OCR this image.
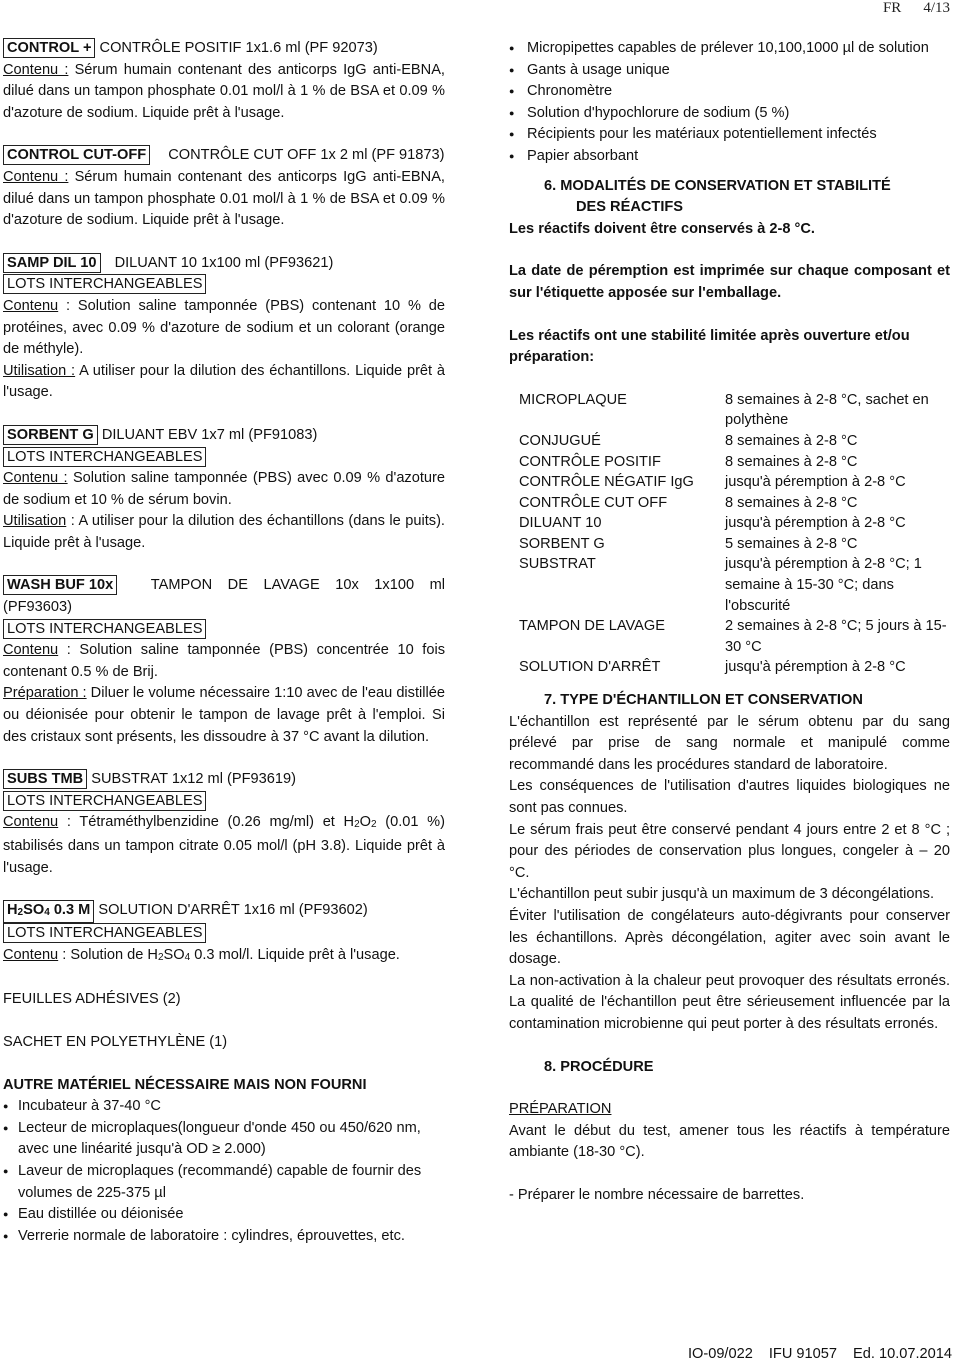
FR 4/13

CONTROL + CONTRÔLE POSITIF 1x1.6 ml (PF 92073)
Contenu : Sérum humain contenant des anticorps IgG anti-EBNA, dilué dans un tampon phosphate 0.01 mol/l à 1 % de BSA et 0.09 % d'azoture de sodium. Liquide prêt à l'usage.

CONTROL CUT-OFF CONTRÔLE CUT OFF 1x 2 ml (PF 91873)
Contenu : Sérum humain contenant des anticorps IgG anti-EBNA, dilué dans un tampon phosphate 0.01 mol/l à 1 % de BSA et 0.09 % d'azoture de sodium. Liquide prêt à l'usage.

SAMP DIL 10 DILUANT 10 1x100 ml (PF93621)
LOTS INTERCHANGEABLES
Contenu : Solution saline tamponnée (PBS) contenant 10 % de protéines, avec 0.09 % d'azoture de sodium et un colorant (orange de méthyle).
Utilisation : A utiliser pour la dilution des échantillons. Liquide prêt à l'usage.

SORBENT G DILUANT EBV 1x7 ml (PF91083)
LOTS INTERCHANGEABLES
Contenu : Solution saline tamponnée (PBS) avec 0.09 % d'azoture de sodium et 10 % de sérum bovin.
Utilisation : A utiliser pour la dilution des échantillons (dans le puits). Liquide prêt à l'usage.

WASH BUF 10x	TAMPON DE LAVAGE 10x 1x100 ml (PF93603)
LOTS INTERCHANGEABLES
Contenu : Solution saline tamponnée (PBS) concentrée 10 fois contenant 0.5 % de Brij.
Préparation : Diluer le volume nécessaire 1:10 avec de l'eau distillée ou déionisée pour obtenir le tampon de lavage prêt à l'emploi. Si des cristaux sont présents, les dissoudre à 37 °C avant la dilution.

SUBS TMB SUBSTRAT 1x12 ml (PF93619)
LOTS INTERCHANGEABLES
Contenu : Tétraméthylbenzidine (0.26 mg/ml) et H2O2 (0.01 %) stabilisés dans un tampon citrate 0.05 mol/l (pH 3.8). Liquide prêt à l'usage.

H2SO4 0.3 M SOLUTION D'ARRÊT 1x16 ml (PF93602)
LOTS INTERCHANGEABLES
Contenu : Solution de H2SO4 0.3 mol/l. Liquide prêt à l'usage.

FEUILLES ADHÉSIVES (2)

SACHET EN POLYETHYLÈNE (1)

AUTRE MATÉRIEL NÉCESSAIRE MAIS NON FOURNI

● Incubateur à 37-40 °C
● Lecteur de microplaques(longueur d'onde 450 ou 450/620 nm, avec une linéarité jusqu'à OD ≥ 2.000)
● Laveur de microplaques (recommandé) capable de fournir des volumes de 225-375 µl
● Eau distillée ou déionisée
● Verrerie normale de laboratoire : cylindres, éprouvettes, etc.
● Micropipettes capables de prélever 10,100,1000 µl de solution
● Gants à usage unique
● Chronomètre
● Solution d'hypochlorure de sodium (5 %)
● Récipients pour les matériaux potentiellement infectés
● Papier absorbant

6. MODALITÉS DE CONSERVATION ET STABILITÉ

DES RÉACTIFS

Les réactifs doivent être conservés à 2-8 °C.

La date de péremption est imprimée sur chaque composant et sur l'étiquette apposée sur l'emballage.

Les réactifs ont une stabilité limitée après ouverture et/ou préparation:

MICROPLAQUE	8 semaines à 2-8 °C, sachet en polythène
CONJUGUÉ	8 semaines à 2-8 °C
CONTRÔLE POSITIF	8 semaines à 2-8 °C
CONTRÔLE NÉGATIF IgG	jusqu'à péremption à 2-8 °C
CONTRÔLE CUT OFF	8 semaines à 2-8 °C
DILUANT 10	jusqu'à péremption à 2-8 °C
SORBENT G	5 semaines à 2-8 °C
SUBSTRAT	jusqu'à péremption à 2-8 °C; 1 semaine à 15-30 °C; dans l'obscurité
TAMPON DE LAVAGE	2 semaines à 2-8 °C; 5 jours à 15-30 °C
SOLUTION D'ARRÊT	jusqu'à péremption à 2-8 °C

7. TYPE D'ÉCHANTILLON ET CONSERVATION

L'échantillon est représenté par le sérum obtenu par du sang prélevé par prise de sang normale et manipulé comme recommandé dans les procédures standard de laboratoire.

Les conséquences de l'utilisation d'autres liquides biologiques ne sont pas connues.

Le sérum frais peut être conservé pendant 4 jours entre 2 et 8 °C ; pour des périodes de conservation plus longues, congeler à – 20 °C.

L'échantillon peut subir jusqu'à un maximum de 3 décongélations.

Éviter l'utilisation de congélateurs auto-dégivrants pour conserver les échantillons. Après décongélation, agiter avec soin avant le dosage.

La non-activation à la chaleur peut provoquer des résultats erronés. La qualité de l'échantillon peut être sérieusement influencée par la contamination microbienne qui peut porter à des résultats erronés.

8. PROCÉDURE

PRÉPARATION

Avant le début du test, amener tous les réactifs à température ambiante (18-30 °C).

- Préparer le nombre nécessaire de barrettes.

IO-09/022 IFU 91057 Ed. 10.07.2014
